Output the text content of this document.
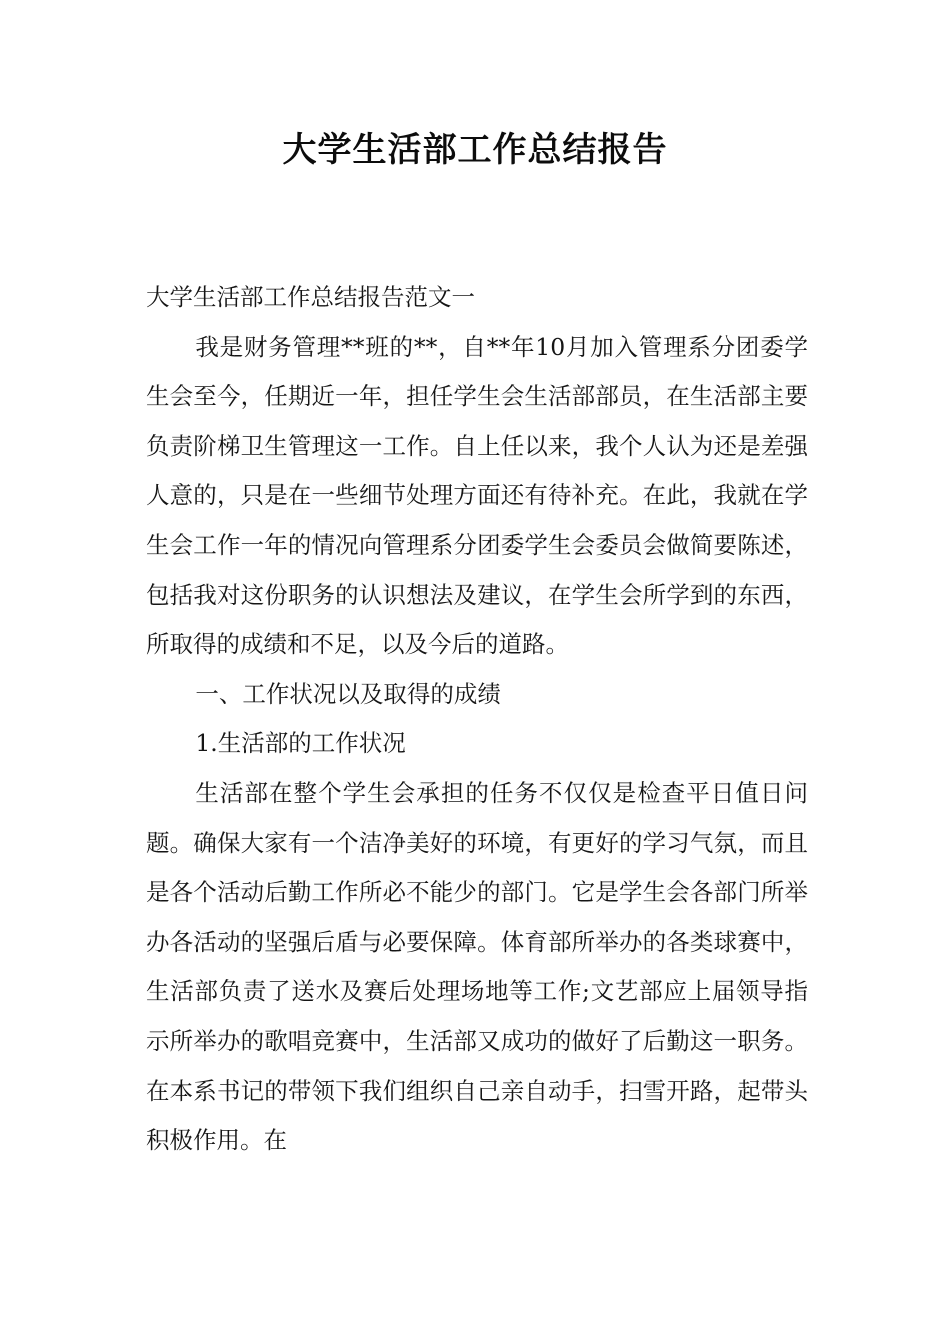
大学生活部工作总结报告

大学生活部工作总结报告范文一

我是财务管理**班的**，自**年10月加入管理系分团委学生会至今，任期近一年，担任学生会生活部部员，在生活部主要负责阶梯卫生管理这一工作。自上任以来，我个人认为还是差强人意的，只是在一些细节处理方面还有待补充。在此，我就在学生会工作一年的情况向管理系分团委学生会委员会做简要陈述，包括我对这份职务的认识想法及建议，在学生会所学到的东西，所取得的成绩和不足，以及今后的道路。

一、工作状况以及取得的成绩

1.生活部的工作状况

生活部在整个学生会承担的任务不仅仅是检查平日值日问题。确保大家有一个洁净美好的环境，有更好的学习气氛，而且是各个活动后勤工作所必不能少的部门。它是学生会各部门所举办各活动的坚强后盾与必要保障。体育部所举办的各类球赛中，生活部负责了送水及赛后处理场地等工作;文艺部应上届领导指示所举办的歌唱竞赛中，生活部又成功的做好了后勤这一职务。在本系书记的带领下我们组织自己亲自动手，扫雪开路，起带头积极作用。在
